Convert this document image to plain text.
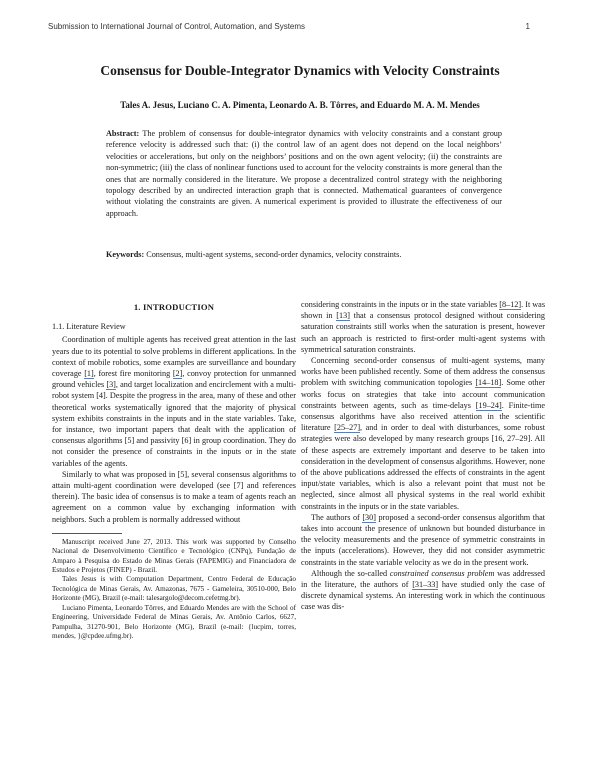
Submission to International Journal of Control, Automation, and Systems	1
Consensus for Double-Integrator Dynamics with Velocity Constraints
Tales A. Jesus, Luciano C. A. Pimenta, Leonardo A. B. Tôrres, and Eduardo M. A. M. Mendes
Abstract: The problem of consensus for double-integrator dynamics with velocity constraints and a constant group reference velocity is addressed such that: (i) the control law of an agent does not depend on the local neighbors’ velocities or accelerations, but only on the neighbors’ positions and on the own agent velocity; (ii) the constraints are non-symmetric; (iii) the class of nonlinear functions used to account for the velocity constraints is more general than the ones that are normally considered in the literature. We propose a decentralized control strategy with the neighboring topology described by an undirected interaction graph that is connected. Mathematical guarantees of convergence without violating the constraints are given. A numerical experiment is provided to illustrate the effectiveness of our approach.
Keywords: Consensus, multi-agent systems, second-order dynamics, velocity constraints.
1. INTRODUCTION
1.1. Literature Review

Coordination of multiple agents has received great attention in the last years due to its potential to solve problems in different applications. In the context of mobile robotics, some examples are surveillance and boundary coverage [1], forest fire monitoring [2], convoy protection for unmanned ground vehicles [3], and target localization and encirclement with a multi-robot system [4]. Despite the progress in the area, many of these and other theoretical works systematically ignored that the majority of physical system exhibits constraints in the inputs and in the state variables. Take, for instance, two important papers that dealt with the application of consensus algorithms [5] and passivity [6] in group coordination. They do not consider the presence of constraints in the inputs or in the state variables of the agents.

Similarly to what was proposed in [5], several consensus algorithms to attain multi-agent coordination were developed (see [7] and references therein). The basic idea of consensus is to make a team of agents reach an agreement on a common value by exchanging information with neighbors. Such a problem is normally addressed without

Manuscript received June 27, 2013. This work was supported by Conselho Nacional de Desenvolvimento Científico e Tecnológico (CNPq), Fundação de Amparo à Pesquisa do Estado de Minas Gerais (FAPEMIG) and Financiadora de Estudos e Projetos (FINEP) - Brazil.

Tales Jesus is with Computation Department, Centro Federal de Educação Tecnológica de Minas Gerais, Av. Amazonas, 7675 - Gameleira, 30510-000, Belo Horizonte (MG), Brazil (e-mail: talesargolo@decom.cefetmg.br).

Luciano Pimenta, Leonardo Tôrres, and Eduardo Mendes are with the School of Engineering, Universidade Federal de Minas Gerais, Av. Antônio Carlos, 6627, Pampulha, 31270-901, Belo Horizonte (MG), Brazil (e-mail: {lucpim, torres, mendes, }@cpdee.ufmg.br).

considering constraints in the inputs or in the state variables [8–12]. It was shown in [13] that a consensus protocol designed without considering saturation constraints still works when the saturation is present, however such an approach is restricted to first-order multi-agent systems with symmetrical saturation constraints.

Concerning second-order consensus of multi-agent systems, many works have been published recently. Some of them address the consensus problem with switching communication topologies [14–18]. Some other works focus on strategies that take into account communication constraints between agents, such as time-delays [19–24]. Finite-time consensus algorithms have also received attention in the scientific literature [25–27], and in order to deal with disturbances, some robust strategies were also developed by many research groups [16, 27–29]. All of these aspects are extremely important and deserve to be taken into consideration in the development of consensus algorithms. However, none of the above publications addressed the effects of constraints in the agent input/state variables, which is also a relevant point that must not be neglected, since almost all physical systems in the real world exhibit constraints in the inputs or in the state variables.

The authors of [30] proposed a second-order consensus algorithm that takes into account the presence of unknown but bounded disturbance in the velocity measurements and the presence of symmetric constraints in the inputs (accelerations). However, they did not consider asymmetric constraints in the state variable velocity as we do in the present work.

Although the so-called constrained consensus problem was addressed in the literature, the authors of [31–33] have studied only the case of discrete dynamical systems. An interesting work in which the continuous case was dis-
